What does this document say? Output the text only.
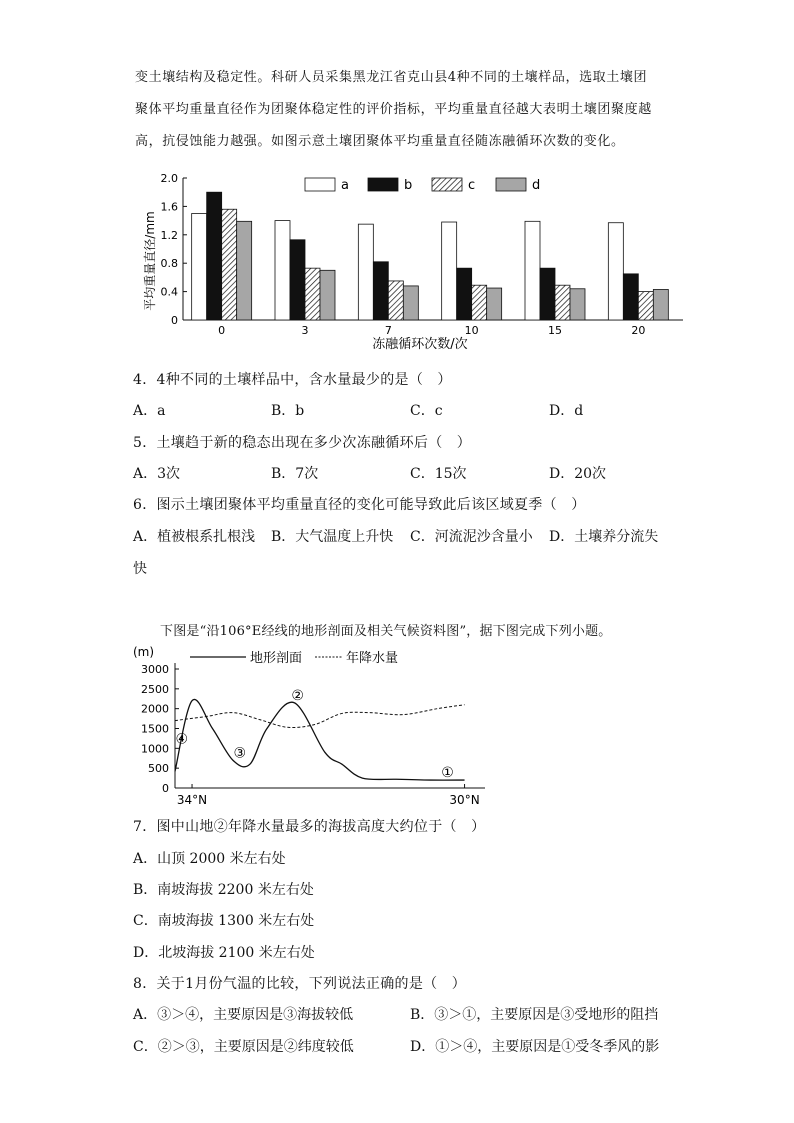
变土壤结构及稳定性。科研人员采集黑龙江省克山县4种不同的土壤样品，选取土壤团
聚体平均重量直径作为团聚体稳定性的评价指标，平均重量直径越大表明土壤团聚度越
高，抗侵蚀能力越强。如图示意土壤团聚体平均重量直径随冻融循环次数的变化。
0
0.4
0.8
1.2
1.6
2.0
0	3	7	10	15	20
a	b	c	d
平均重量直径/mm
冻融循环次数/次
4．4种不同的土壤样品中，含水量最少的是（　）
A．a	B．b	C．c	D．d
5．土壤趋于新的稳态出现在多少次冻融循环后（　）
A．3次	B．7次	C．15次	D．20次
6．图示土壤团聚体平均重量直径的变化可能导致此后该区域夏季（　）
A．植被根系扎根浅 B．大气温度上升快 C．河流泥沙含量小 D．土壤养分流失
快
下图是“沿106°E经线的地形剖面及相关气候资料图”，据下图完成下列小题。
0
500
1000
1500
2000
2500
3000
34°N	30°N
①
②
③
④
(m)	地形剖面	年降水量
7．图中山地②年降水量最多的海拔高度大约位于（　）
A．山顶 2000 米左右处
B．南坡海拔 2200 米左右处
C．南坡海拔 1300 米左右处
D．北坡海拔 2100 米左右处
8．关于1月份气温的比较，下列说法正确的是（　）
A．③＞④，主要原因是③海拔较低	B．③＞①，主要原因是③受地形的阻挡
C．②＞③，主要原因是②纬度较低	D．①＞④，主要原因是①受冬季风的影
